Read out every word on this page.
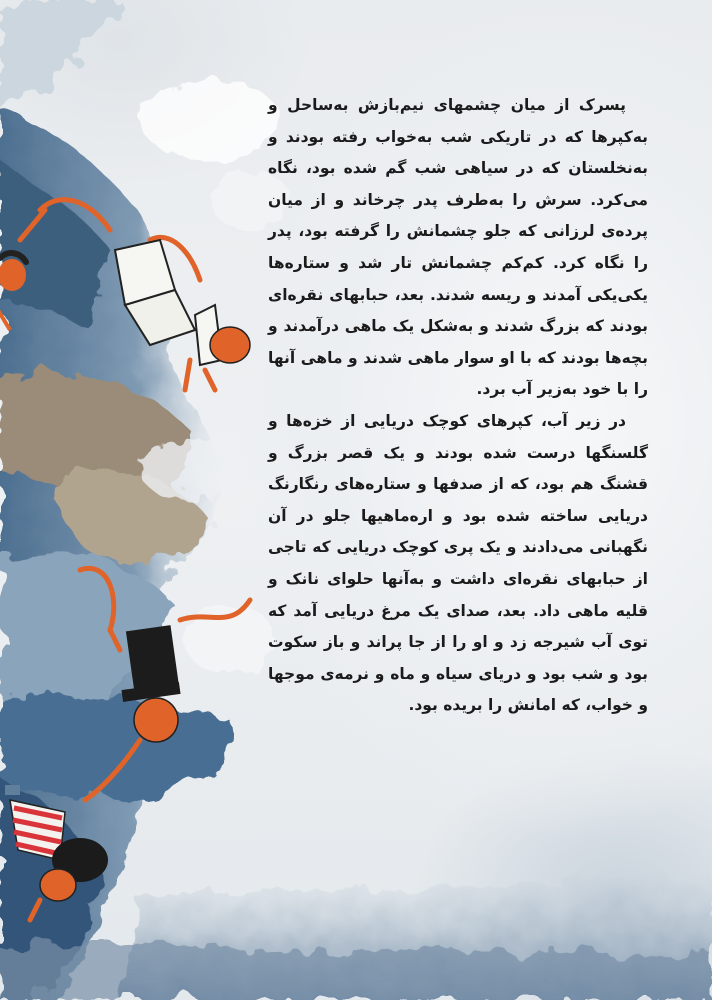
پسرک از میان چشمهای نیم‌بازش به‌ساحل و به‌کپرها که در تاریکی شب به‌خواب رفته بودند و به‌نخلستان که در سیاهی شب گم شده بود، نگاه می‌کرد. سرش را به‌طرف پدر چرخاند و از میان پرده‌ی لرزانی که جلو چشمانش را گرفته بود، پدر را نگاه کرد. کم‌کم چشمانش تار شد و ستاره‌ها یکی‌یکی آمدند و ریسه شدند. بعد، حبابهای نقره‌ای بودند که بزرگ شدند و به‌شکل یک ماهی درآمدند و بچه‌ها بودند که با او سوار ماهی شدند و ماهی آنها را با خود به‌زیر آب برد.

در زیر آب، کپرهای کوچک دریایی از خزه‌ها و گلسنگها درست شده بودند و یک قصر بزرگ و قشنگ هم بود، که از صدفها و ستاره‌های رنگارنگ دریایی ساخته شده بود و اره‌ماهیها جلو در آن نگهبانی می‌دادند و یک پری کوچک دریایی که تاجی از حبابهای نقره‌ای داشت و به‌آنها حلوای نانک و قلیه ماهی داد. بعد، صدای یک مرغ دریایی آمد که توی آب شیرجه زد و او را از جا پراند و باز سکوت بود و شب بود و دریای سیاه و ماه و نرمه‌ی موجها و خواب، که امانش را بریده بود.
